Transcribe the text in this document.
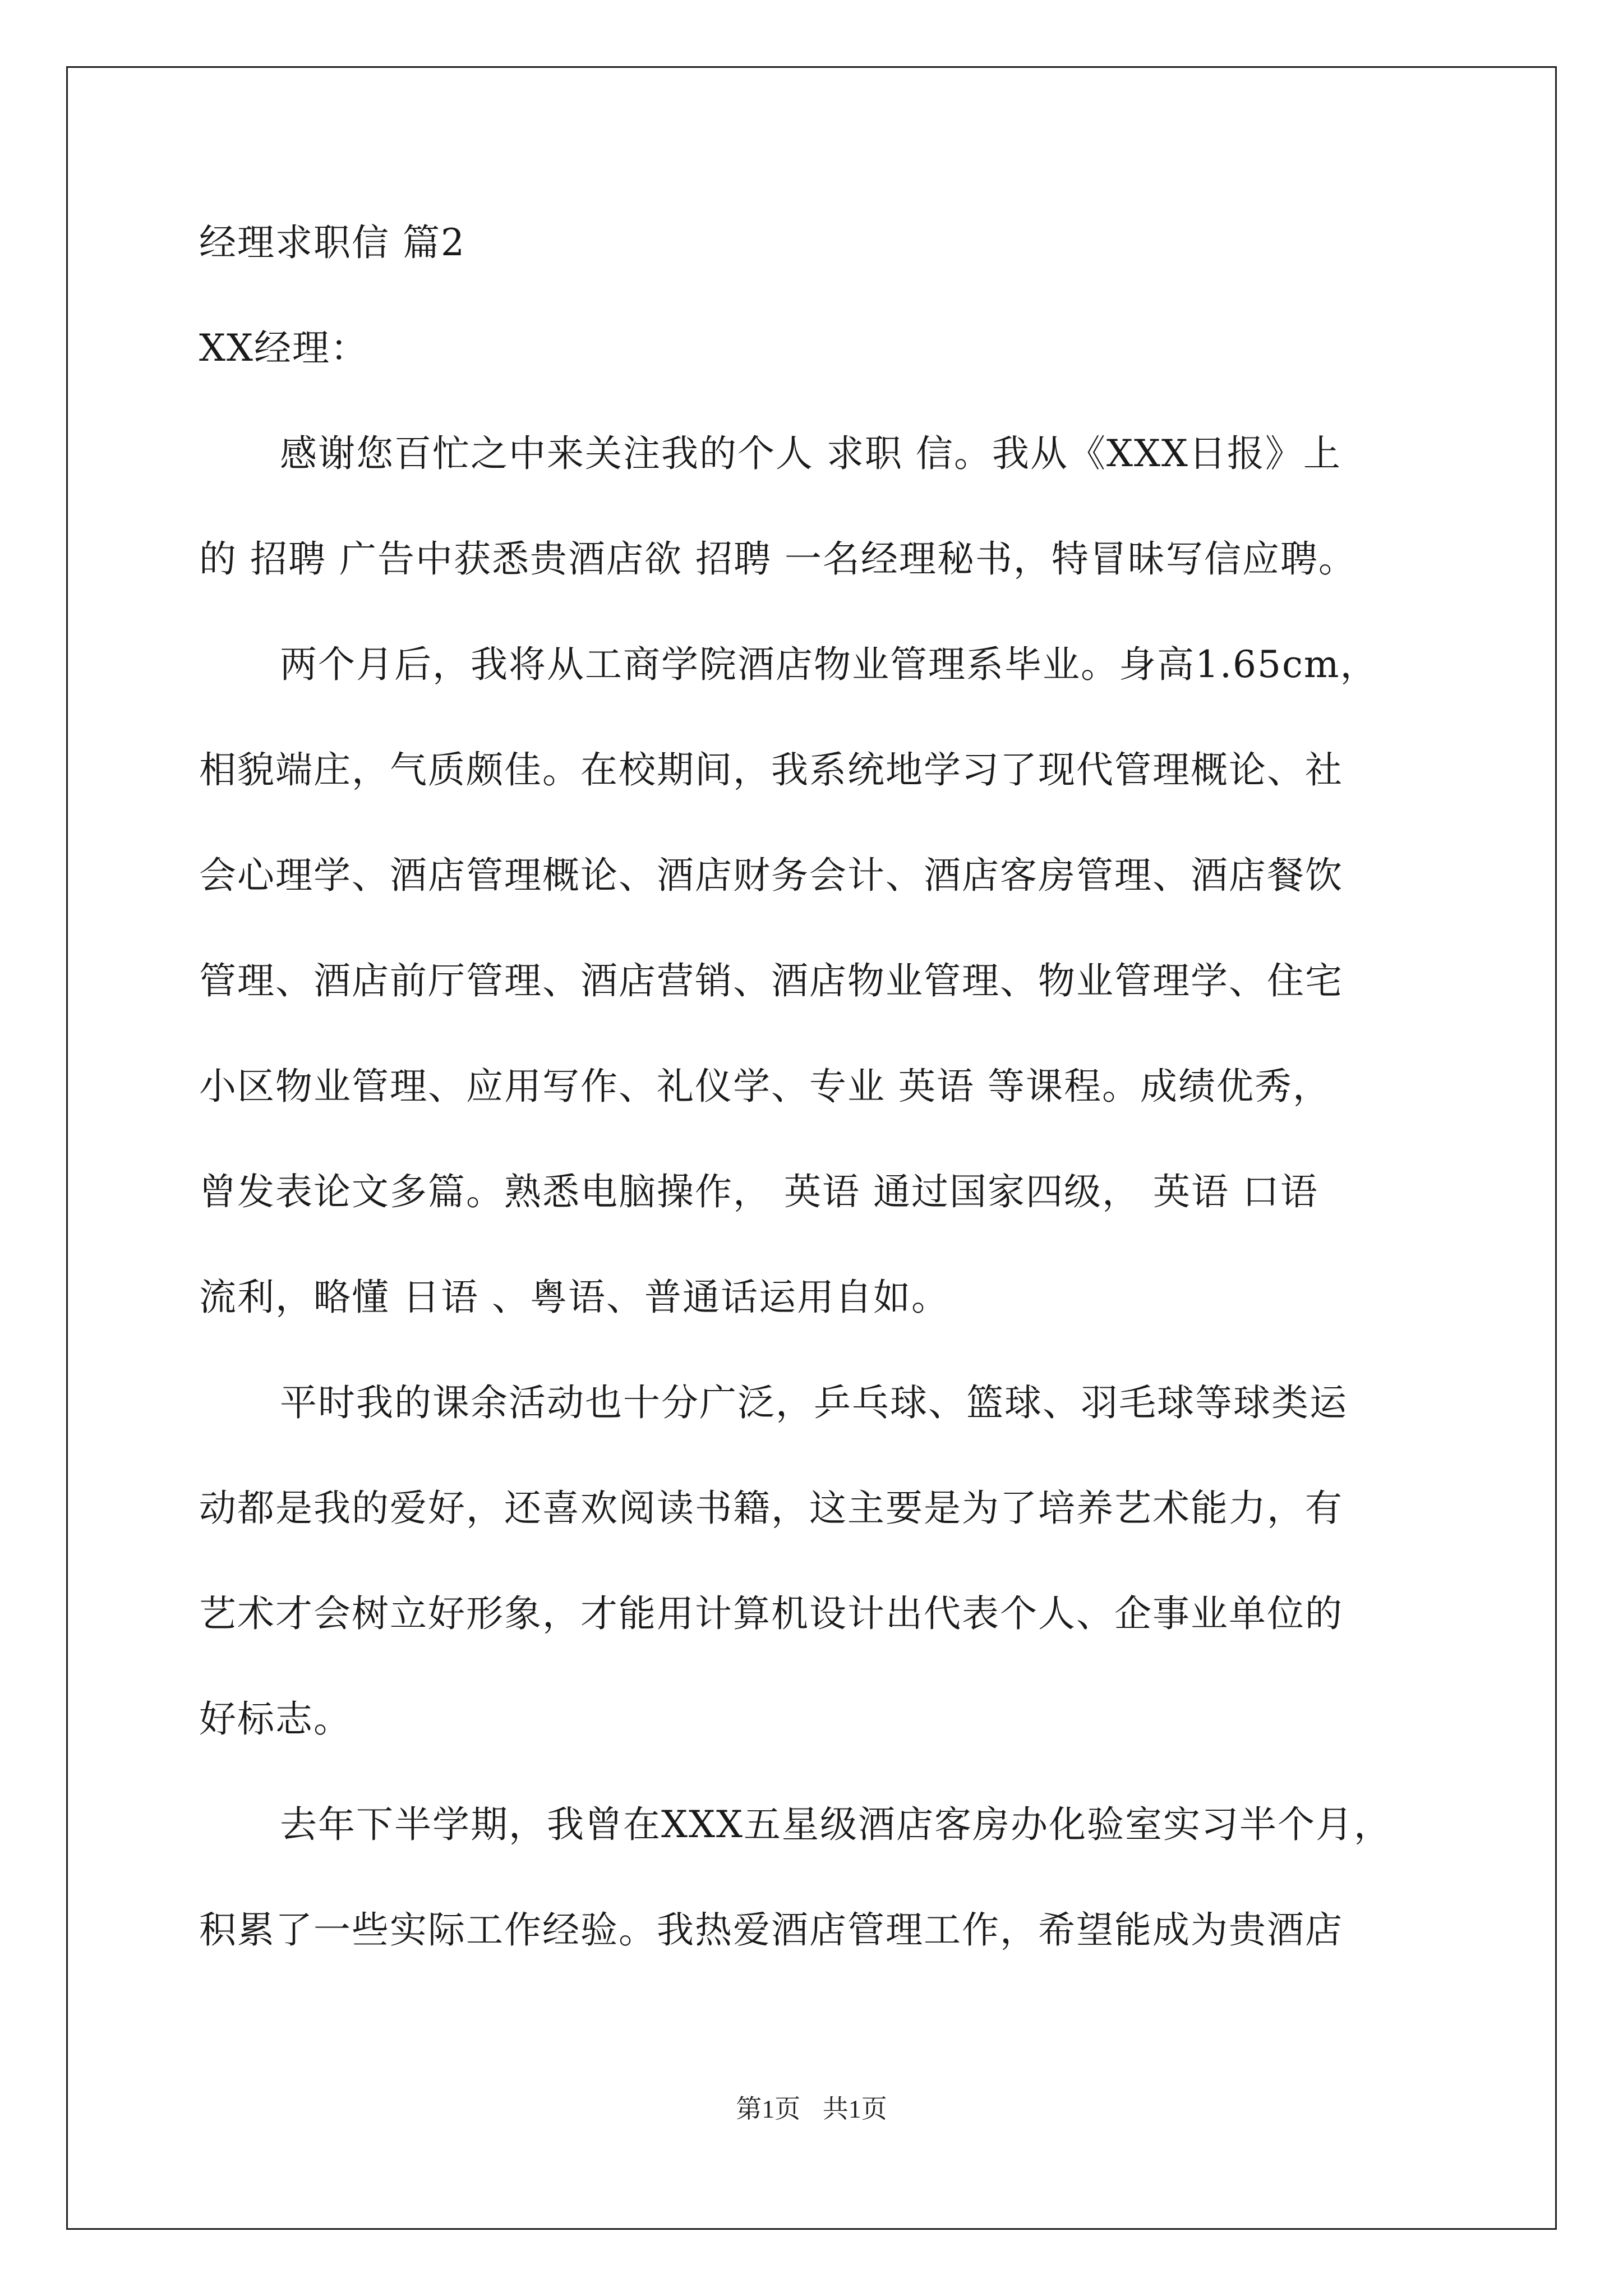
经理求职信 篇2

XX经理：

感谢您百忙之中来关注我的个人 求职 信。我从《XXX日报》上

的 招聘 广告中获悉贵酒店欲 招聘 一名经理秘书，特冒昧写信应聘。

两个月后，我将从工商学院酒店物业管理系毕业。身高1.65cm，

相貌端庄，气质颇佳。在校期间，我系统地学习了现代管理概论、社

会心理学、酒店管理概论、酒店财务会计、酒店客房管理、酒店餐饮

管理、酒店前厅管理、酒店营销、酒店物业管理、物业管理学、住宅

小区物业管理、应用写作、礼仪学、专业 英语 等课程。成绩优秀，

曾发表论文多篇。熟悉电脑操作， 英语 通过国家四级， 英语 口语

流利，略懂 日语 、粤语、普通话运用自如。

平时我的课余活动也十分广泛，乒乓球、篮球、羽毛球等球类运

动都是我的爱好，还喜欢阅读书籍，这主要是为了培养艺术能力，有

艺术才会树立好形象，才能用计算机设计出代表个人、企事业单位的

好标志。

去年下半学期，我曾在XXX五星级酒店客房办化验室实习半个月，

积累了一些实际工作经验。我热爱酒店管理工作，希望能成为贵酒店

第1页 共1页
